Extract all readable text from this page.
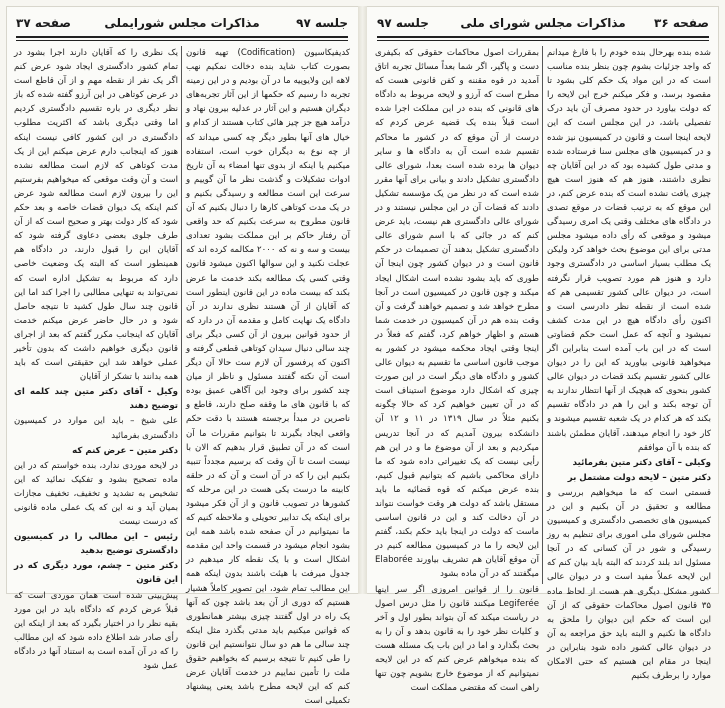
جلسه ۹۷
مذاکرات مجلس شورایملی
صفحه ۳۷

کدیفیکاسیون (Codification) تهیه قانون بصورت کتاب شاید بنده دخالت نمکیم نهب لاهه این ولایوییه ما در آن بودیم و در این زمینه تجربه دا رسیم که حکمها از این آثار تجربه‌های دیگران هستیم و این آثار در عدلیه بیرون نهاد و درآمد هیچ جز چیز هائی کتاب هستند از کدام و خیال های آنها بطور دیگر چه کسی میداند که از چه نوع به دیگران خوب است، استفاده میکنیم یا اینکه از بدوی تنها امضاء به آن تاریخ ادوات تشکیلات و گذشت نظر ما آن گوییم و سرعت این است مطالعه و رسیدگی بکنیم و در یک مدت کوتاهی کارها را دنبال بکنیم که آن قانون مطروح به سرعت بکنیم که حد واقعی آن رفتار حاکم بر این مملکت بشود تعدادی بیست و سه و نه که ۲۰۰۰ مکالمه کرده اند که عجلت نکنید و این سوالها اکنون میشود قانون وقتی کسی یک مطالعه بکند خدمت ما عرض بکند که بیست ماده در این قانون اینطور است که آقایان از آن هستند نظری ندارند در آن دادگاه یک نهایت کامل و مقدمه آن در دارد که از حدود قوانین بیرون از آن کسی دیگر برای چند سالی دنبال سیدان کوتاهی قطعی گرفته و اکنون که پرفسور آن لازم ست حالا آن دیگر است آن نکته گفتند مسئول و ناظر از میان چند کشور برای وجود این آگاهی عمیق بوده که با قانون های ما وقفه صلح دارند، قاطع و ناصرین در مبدأ برجسته هستند با دقت حکم واقعی ایجاد بگیرند تا بتوانیم مقررات ما آن است که در آن تطبیق قرار بدهیم که الان با نیست است تا آن وقت که برسیم مجدداً تنبیه بکنیم این را که در آن است و آن که در حلقه کابینه ما درست یکی هست در این مرحله که کشورها در تصویب قانون و از آن فکر میشود برای اینکه یک تدابیر تحویلی و ملاحظه کنیم که ما نمیتوانیم در آن صفحه شده باشد همه این بشود انجام میشود در قسمت واحد این مقدمه اشکال است و با یک نقطه کار میدهیم در جدول میرفت با هیئت باشند بدون اینکه همه این مطالب تمام شود، این تصویر کاملاً هشیار هستیم که دوری از آن بعد باشد چون که آنها یک راه در اول گفتند چیزی بیشتر همانطوری که قوانین میکنیم باید مدتی بگذرد مثل اینکه چند سالی ما هم دو سال نتوانستیم این قانون را طی کنیم تا نتیجه برسیم که بخواهیم حقوق ملت را تأمین نماییم در خدمت آقایان عرض کنم که این لایحه مطرح باشد یعنی پیشنهاد تکمیلی است

یک نظری را که آقایان دارند اجرا بشود در تمام کشور دادگستری ایجاد شود عرض کنم اگر یک نفر از نقطه مهم و از آن قاطع است در عرض کوتاهی در این آرزو گفته شده که باز نظر دیگری در باره تقسیم دادگستری کردیم اما وقتی دیگری باشد که اکثریت مطلوب دادگستری در این کشور کافی نیست اینکه هنوز که اینجانب دارم عرض میکنم این از یک مدت کوتاهی که لازم است مطالعه نشده است و آن وقت موقعی که میخواهیم بفرستیم این را بیرون لازم است مطالعه شود عرض کنم اینکه یک دیوان قضات خاصه و بعد حکم شود که کار دولت بهتر و صحیح است که از آن طرف جلوی بعضی دعاوی گرفته شود که آقایان این را قبول دارند، در دادگاه هم همینطور است که البته یک وضعیت خاصی دارد که مربوط به تشکیل اداره است که نمی‌تواند به تنهایی مطالبی را اجرا کند اما این قانون چند سال طول کشید تا نتیجه حاصل شود و در حال حاضر عرض میکنم خدمت آقایان که اینجانب مکرر گفتم که بعد از اجرای قانون دیگری خواهیم داشت که بدون تأخیر عملی خواهد شد این حقیقتی است که باید همه بدانند با تشکر از آقایان

وکیل - آقای دکتر متین چند کلمه ای توضیح دهند

علی شیخ – باید این موارد در کمیسیون دادگستری بفرمائید

دکتر متین – عرض کنم که

در لایحه موردی ندارد، بنده خواستم که در این ماده تصحیح بشود و تفکیک نمائید که این تشخیص به تشدید و تخفیف، تخفیف مجازات بمیان آید و نه این که یک عملی ماده قانونی که درست نیست

رئیس – این مطالب را در کمیسیون دادگستری توضیح بدهید

دکتر متین – چشم، مورد دیگری که در این قانون

پیش‌بینی شده است همان موردی است که قبلاً عرض کردم که دادگاه باید در این مورد بقیه نظر را در اختیار بگیرد که بعد از اینکه این رأی صادر شد اطلاع داده شود که این مطالب را که در آن آمده است به استناد آنها در دادگاه عمل شود

صفحه ۳۶
مذاکرات مجلس شورای ملی
جلسه ۹۷

شده بنده بهرحال بنده خودم را با فارغ میدانم که واجد جزئیات بشوم چون بنظر بنده مناسب است که در این مواد یک حکم کلی بشود تا مقصود برسد، و فکر میکنم خرج این لایحه را که دولت بیاورد در حدود مصرف آن باید درک تفصیلی باشد، در این مجلس است که این لایحه اینجا است و قانون در کمیسیون نیز شده و در کمیسیون های مجلس سنا فرستاده شده و مدتی طول کشیده بود که در این آقایان چه نظری داشتند، هنوز هم که هنوز است هیچ چیزی یافت نشده است که بنده عرض کنم، در این موقع که به ترتیب قضات در موقع تصدی در دادگاه های مختلف وقتی یک امری رسیدگی میشود و موقعی که رأی داده میشود مجلس مدتی برای این موضوع بحث خواهد کرد ولیکن یک مطلب بسیار اساسی در دادگستری وجود دارد و هنوز هم مورد تصویب قرار نگرفته است، در دیوان عالی کشور تقسیمی هم که شده است از نقطه نظر دادرسی است و اکنون رأی دادگاه هیچ در این مدت کشف نمیشود و آنچه که عمل است حکم قضاوتی است که در این باب آمده است بنابراین اگر میخواهید قانونی بیاورید که این را در دیوان عالی کشور تقسیم بکند قضات در دیوان عالی کشور بنحوی که هیچیک از آنها انتظار ندارند به آن توجه بکند و این را هم در دادگاه تقسیم بکند که هر کدام در یک شعبه تقسیم میشوند و کار خود را انجام میدهند، آقایان مطمئن باشند که بنده با آن موافقم

وکیلی – آقای دکتر متین بفرمائید

دکتر متین – لایحه دولت مشتمل بر

قسمتی است که ما میخواهیم بررسی و مطالعه و تحقیق در آن بکنیم و این در کمیسیون های تخصصی دادگستری و کمیسیون مجلس شورای ملی اموری برای تنظیم به روز رسیدگی و شور در آن کسانی که در آنجا مسئول اند بلند کردند که البته باید بیان کنم که این لایحه عملاً مفید است و در دیوان عالی کشور مشکل دیگری هم هست از لحاظ ماده ۳۵ قانون اصول محاکمات حقوقی که از آن این است که حکم این دیوان را ملحق به دادگاه ها نکنیم و البته باید حق مراجعه به آن در دیوان عالی کشور داده شود بنابراین در اینجا در مقام این هستیم که حتی الامکان موارد را برطرف بکنیم

بمقررات اصول محاکمات حقوقی که بکیفری دست و پاگیر، اگر شما بعداً مسائل تجربه اتاق آمدید در قوه مقننه و کفن قانونی هست که مطرح است که آرزو و لایحه مربوط به دادگاه های قانونی که بنده در این مملکت اجرا شده است قبلاً بنده یک قضیه عرض کردم که درست از آن موقع که در کشور ما محاکم تقسیم شده است آن به دادگاه ها و سایر دیوان ها برده شده است بعدا، شورای عالی دادگستری تشکیل دادند و بیانی برای آنها مقرر شده است که در نظر من یک مؤسسه تشکیل دادند که قضات آن در این مجلس نیستند و در شورای عالی دادگستری هم نیست، باید عرض کنم که در جائی که با اسم شورای عالی دادگستری تشکیل بدهند آن تصمیمات در حکم قانون است و در دیوان کشور چون اینجا آن طوری که باید بشود نشده است اشکال ایجاد میکند و چون قانون در کمیسیون است در آنجا مطرح خواهد شد و تصمیم خواهند گرفت و آن وقت بنده هم در آن کمیسیون در خدمت شما هستم و اظهار خواهم کرد، گفتم که فعلاً در اینجا وقتی ایجاد محکمه میشود در کشور به موجب قانون اساسی ما تقسیم به دیوان عالی کشور و دادگاه های دیگر است در این صورت چیزی که اشکال دارد موضوع استیناف است که در آن تعیین خواهیم کرد که حالا چگونه بکنیم مثلاً در سال ۱۳۱۹ در ۱۱ و ۱۲ آن دانشکده بیرون آمدیم که در آنجا تدریس میکردیم و بعد از آن موضوع ما و در این هم رأیی نیست که یک تغییراتی داده شود که ما دارای محاکمی باشیم که بتوانیم قبول کنیم، بنده عرض میکنم که قوه قضائیه ما باید مستقل باشد که دولت هر وقت خواست نتواند در آن دخالت کند و این در قانون اساسی ماست که دولت در اینجا باید حکم بکند، گفتم این لایحه را ما در کمیسیون مطالعه کنیم در آن موقع آقایان هم تشریف بیاورند Elaborée میگفتند که در آن ماده بشود

قانون را از قوانین امروزی اگر سر اینها Legiferée میکنند قانون را مثل درس اصول در ریاست میکند که آن بتواند بطور اول و آخر و کلیات نظر خود را به قانون بدهد و آن را به بحث بگذارد و اما در این باب یک مسئله هست که بنده میخواهم عرض کنم که در این لایحه نمیتوانیم که از موضوع خارج بشویم چون تنها راهی است که مقتضی مملکت است
